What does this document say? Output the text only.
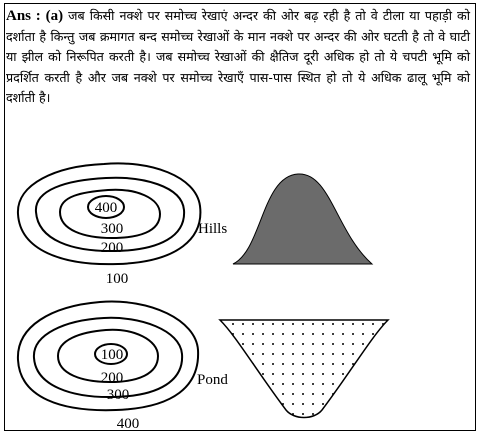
Ans : (a) जब किसी नक्शे पर समोच्च रेखाएं अन्दर की ओर बढ़ रही है तो वे टीला या पहाड़ी को दर्शाता है किन्तु जब क्रमागत बन्द समोच्च रेखाओं के मान नक्शे पर अन्दर की ओर घटती है तो वे घाटी या झील को निरूपित करती है। जब समोच्च रेखाओं की क्षैतिज दूरी अधिक हो तो ये चपटी भूमि को प्रदर्शित करती है और जब नक्शे पर समोच्च रेखाएँ पास-पास स्थित हो तो ये अधिक ढालू भूमि को दर्शाती है।

400
300
200
100
Hills
100
200
300
400
Pond
